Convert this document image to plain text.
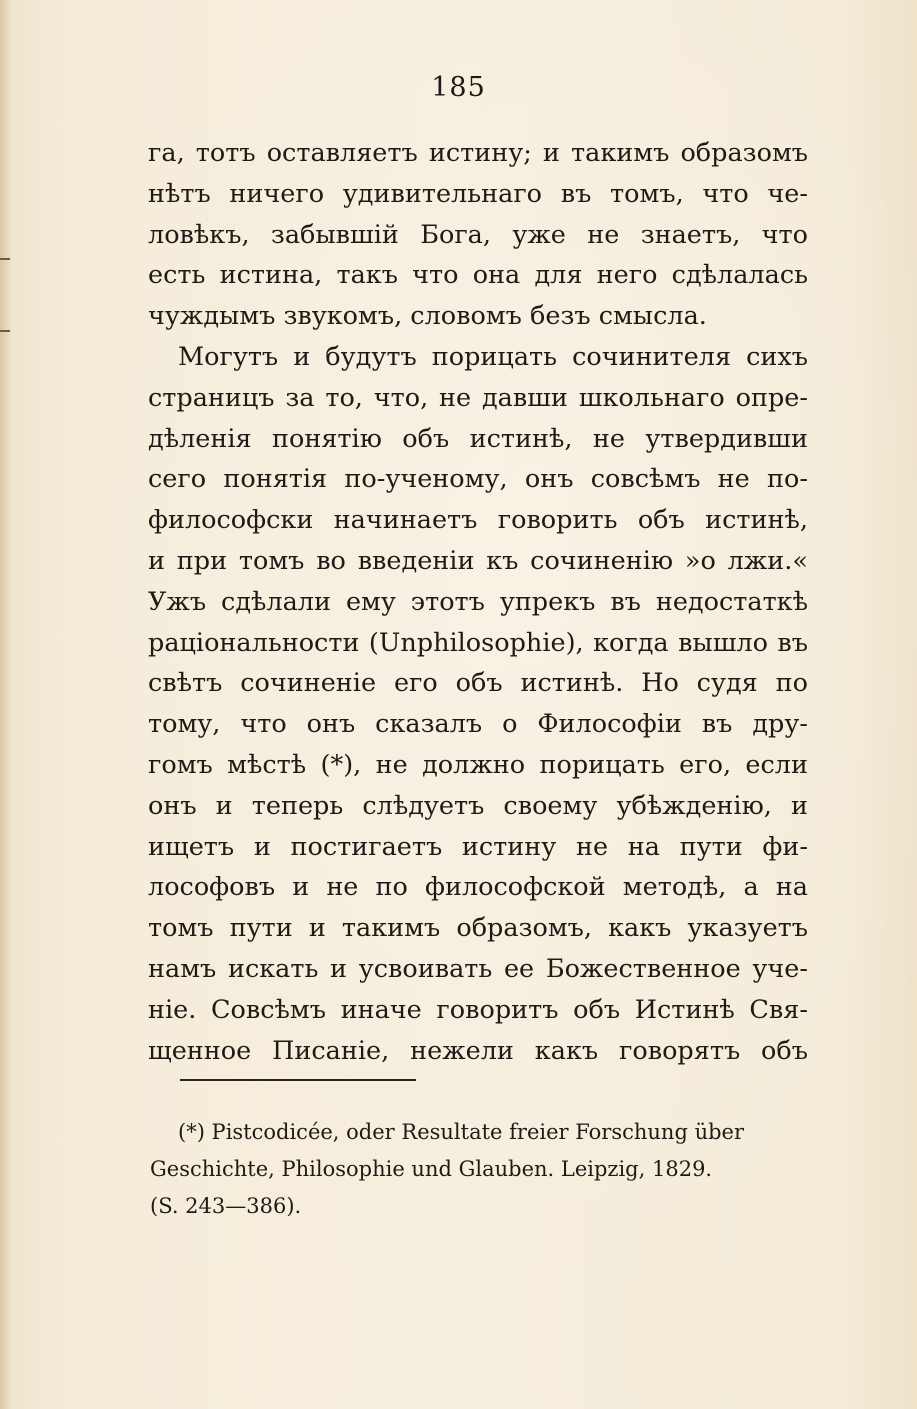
185
га, тотъ оставляетъ истину; и такимъ образомъ
нѣтъ ничего удивительнаго въ томъ, что че-
ловѣкъ, забывшій Бога, уже не знаетъ, что
есть истина, такъ что она для него сдѣлалась
чуждымъ звукомъ, словомъ безъ смысла.
Могутъ и будутъ порицать сочинителя сихъ
страницъ за то, что, не давши школьнаго опре-
дѣленія понятію объ истинѣ, не утвердивши
сего понятія по-ученому, онъ совсѣмъ не по-
философски начинаетъ говорить объ истинѣ,
и при томъ во введеніи къ сочиненію »о лжи.«
Ужъ сдѣлали ему этотъ упрекъ въ недостаткѣ
раціональности (Unphilosophie), когда вышло въ
свѣтъ сочиненіе его объ истинѣ. Но судя по
тому, что онъ сказалъ о Философіи въ дру-
гомъ мѣстѣ (*), не должно порицать его, если
онъ и теперь слѣдуетъ своему убѣжденію, и
ищетъ и постигаетъ истину не на пути фи-
лософовъ и не по философской методѣ, а на
томъ пути и такимъ образомъ, какъ указуетъ
намъ искать и усвоивать ее Божественное уче-
ніе. Совсѣмъ иначе говоритъ объ Истинѣ Свя-
щенное Писаніе, нежели какъ говорятъ объ
(*) Pistcodicée, oder Resultate freier Forschung über
Geschichte, Philosophie und Glauben. Leipzig, 1829.
(S. 243—386).
